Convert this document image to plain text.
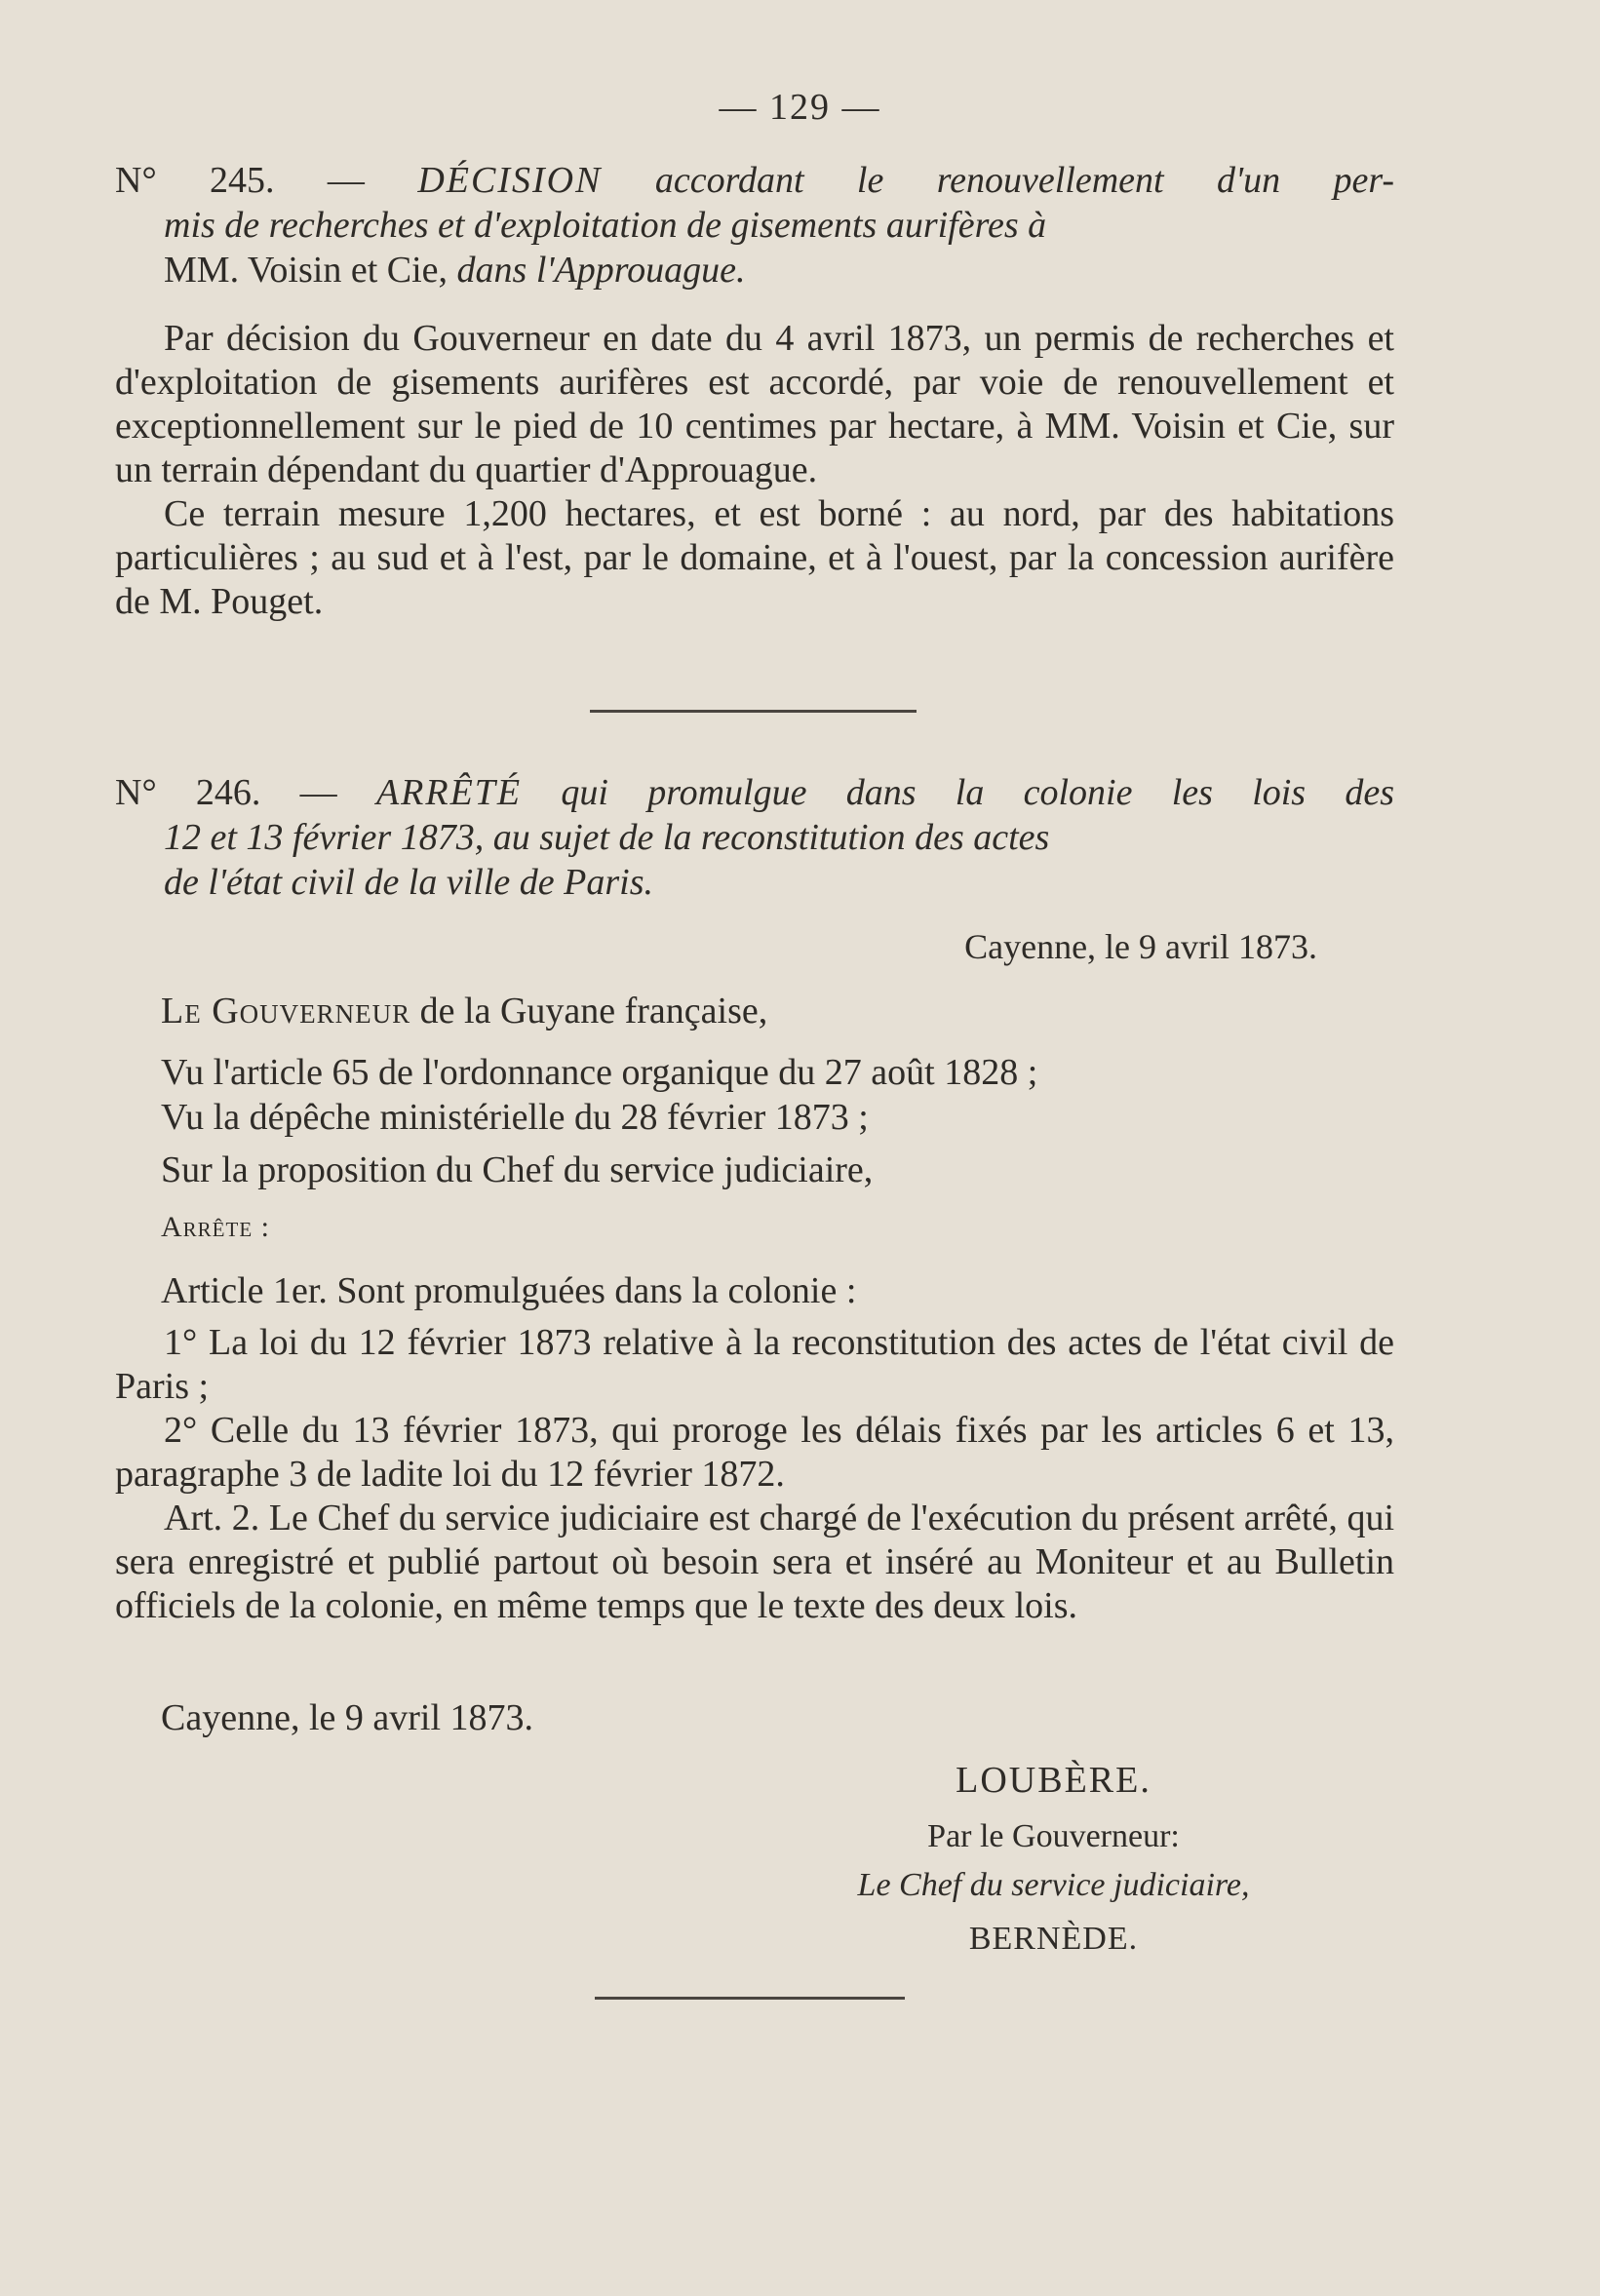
— 129 —
N° 245. — DÉCISION accordant le renouvellement d'un per-
mis de recherches et d'exploitation de gisements aurifères à
MM. Voisin et Cie, dans l'Approuague.

Par décision du Gouverneur en date du 4 avril 1873, un permis de recherches et d'exploitation de gisements aurifères est accordé, par voie de renouvellement et exceptionnellement sur le pied de 10 centimes par hectare, à MM. Voisin et Cie, sur un terrain dépendant du quartier d'Approuague.

Ce terrain mesure 1,200 hectares, et est borné : au nord, par des habitations particulières ; au sud et à l'est, par le domaine, et à l'ouest, par la concession aurifère de M. Pouget.

N° 246. — ARRÊTÉ qui promulgue dans la colonie les lois des
12 et 13 février 1873, au sujet de la reconstitution des actes
de l'état civil de la ville de Paris.
Cayenne, le 9 avril 1873.
Le Gouverneur de la Guyane française,
Vu l'article 65 de l'ordonnance organique du 27 août 1828 ;
Vu la dépêche ministérielle du 28 février 1873 ;
Sur la proposition du Chef du service judiciaire,
Arrête :
Article 1er. Sont promulguées dans la colonie :

1° La loi du 12 février 1873 relative à la reconstitution des actes de l'état civil de Paris ;

2° Celle du 13 février 1873, qui proroge les délais fixés par les articles 6 et 13, paragraphe 3 de ladite loi du 12 février 1872.

Art. 2. Le Chef du service judiciaire est chargé de l'exécution du présent arrêté, qui sera enregistré et publié partout où besoin sera et inséré au Moniteur et au Bulletin officiels de la colonie, en même temps que le texte des deux lois.

Cayenne, le 9 avril 1873.
LOUBÈRE.
Par le Gouverneur:
Le Chef du service judiciaire,
BERNÈDE.
